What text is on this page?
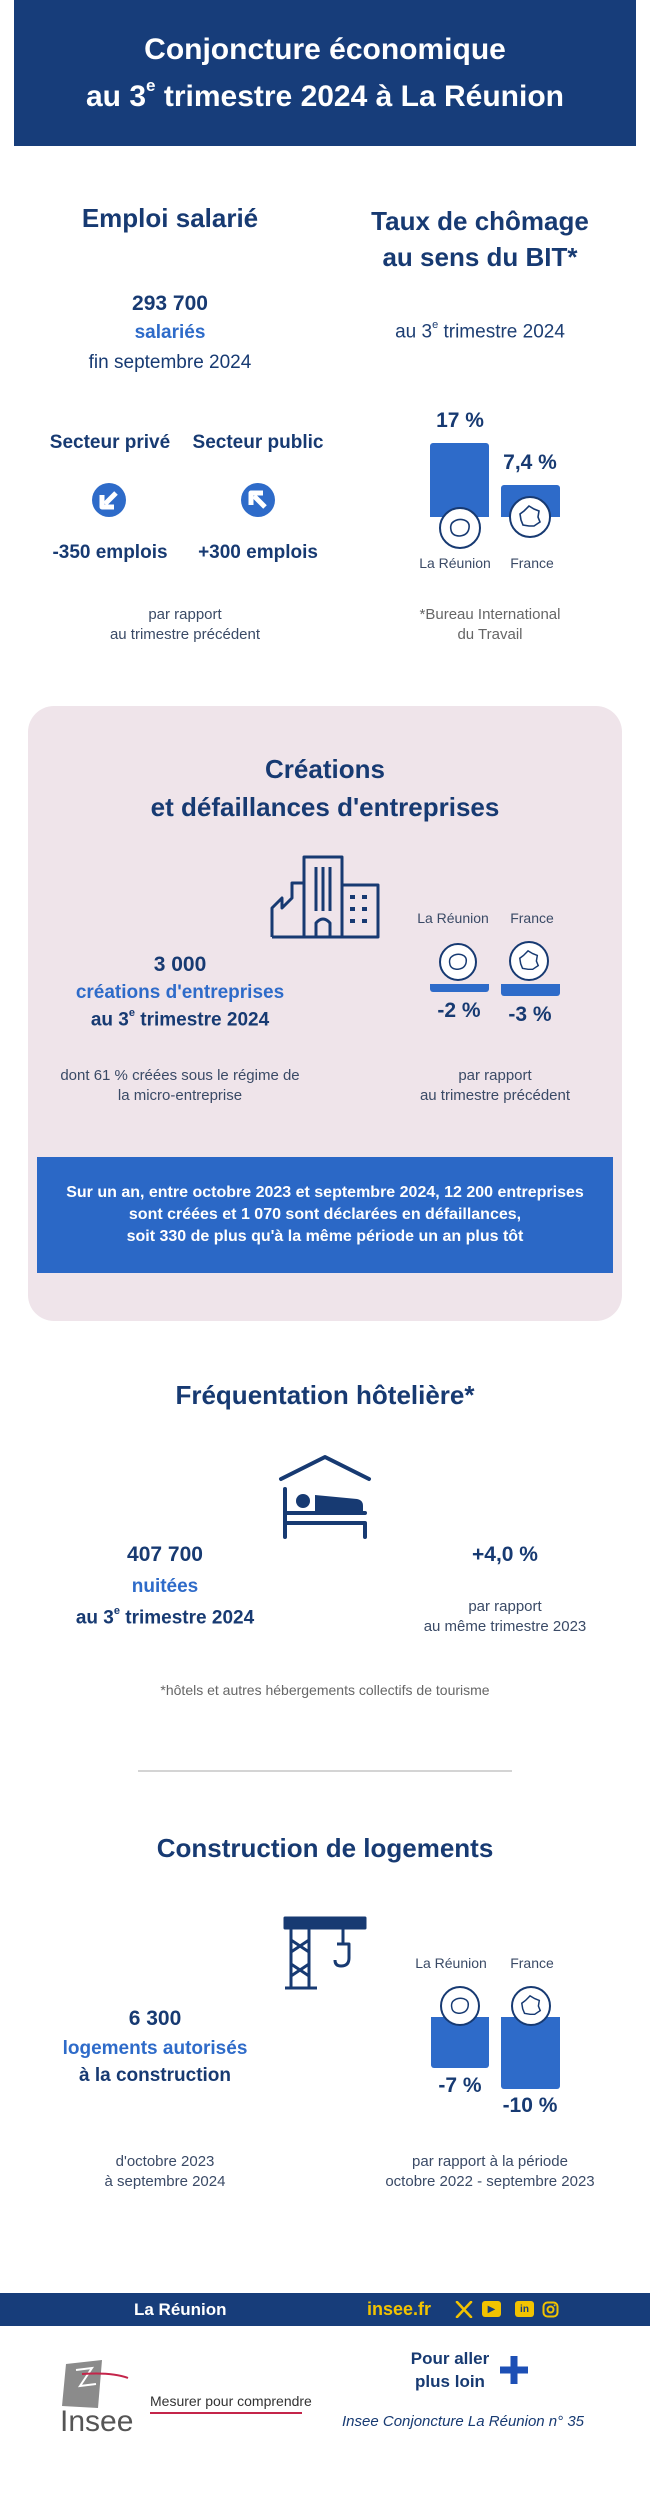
Conjoncture économique
au 3e trimestre 2024 à La Réunion
Emploi salarié
293 700
salariés
fin septembre 2024
Secteur privé	Secteur public
-350 emplois	+300 emplois
par rapport
au trimestre précédent
Taux de chômage
au sens du BIT*
au 3e trimestre 2024
17 %
7,4 %
La Réunion	France
*Bureau International
du Travail
Créations
et défaillances d'entreprises
3 000
créations d'entreprises
au 3e trimestre 2024
dont 61 % créées sous le régime de
la micro-entreprise
La Réunion	France
-2 %	-3 %
par rapport
au trimestre précédent
Sur un an, entre octobre 2023 et septembre 2024, 12 200 entreprises
sont créées et 1 070 sont déclarées en défaillances,
soit 330 de plus qu'à la même période un an plus tôt
Fréquentation hôtelière*
407 700
nuitées
au 3e trimestre 2024
+4,0 %
par rapport
au même trimestre 2023
*hôtels et autres hébergements collectifs de tourisme
Construction de logements
6 300
logements autorisés
à la construction
d'octobre 2023
à septembre 2024
La Réunion	France
-7 %
-10 %
par rapport à la période
octobre 2022 - septembre 2023
La Réunion	insee.fr	▶	in
Insee
Mesurer pour comprendre
Pour aller
plus loin
Insee Conjoncture La Réunion n° 35
